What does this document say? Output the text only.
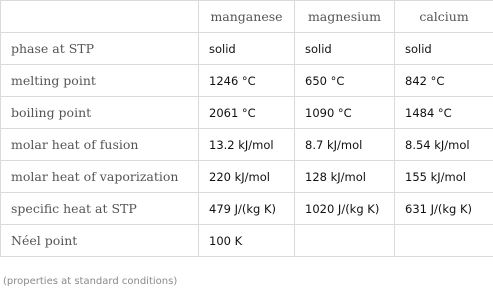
	manganese	magnesium	calcium
phase at STP	solid	solid	solid
melting point	1246 °C	650 °C	842 °C
boiling point	2061 °C	1090 °C	1484 °C
molar heat of fusion	13.2 kJ/mol	8.7 kJ/mol	8.54 kJ/mol
molar heat of vaporization	220 kJ/mol	128 kJ/mol	155 kJ/mol
specific heat at STP	479 J/(kg K)	1020 J/(kg K)	631 J/(kg K)
Néel point	100 K		
(properties at standard conditions)
